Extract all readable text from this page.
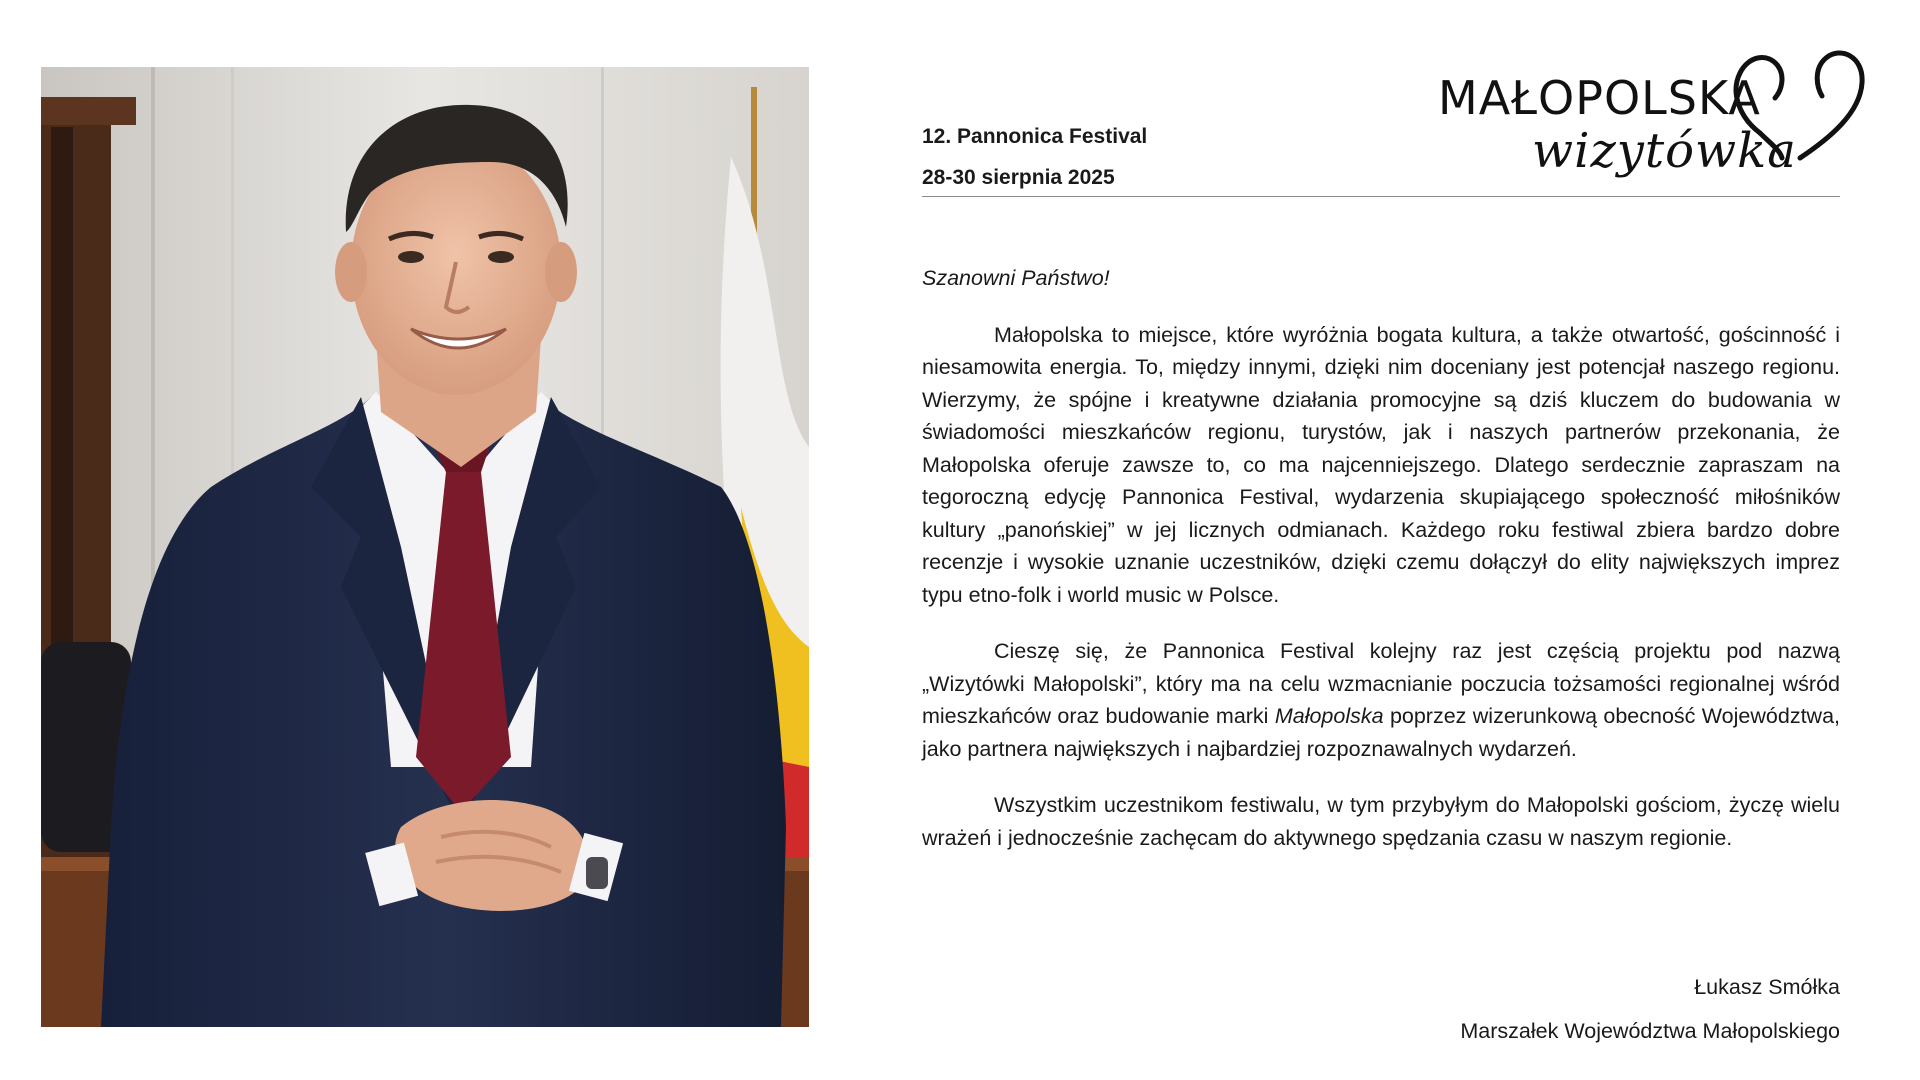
12. Pannonica Festival
28-30 sierpnia 2025
MAŁOPOLSKA
wizytówka

Szanowni Państwo!

Małopolska to miejsce, które wyróżnia bogata kultura, a także otwartość, gościnność i niesamowita energia. To, między innymi, dzięki nim doceniany jest potencjał naszego regionu. Wierzymy, że spójne i kreatywne działania promocyjne są dziś kluczem do budowania w świadomości mieszkańców regionu, turystów, jak i naszych partnerów przekonania, że Małopolska oferuje zawsze to, co ma najcenniejszego. Dlatego serdecznie zapraszam na tegoroczną edycję Pannonica Festival, wydarzenia skupiającego społeczność miłośników kultury „panońskiej” w jej licznych odmianach. Każdego roku festiwal zbiera bardzo dobre recenzje i wysokie uznanie uczestników, dzięki czemu dołączył do elity największych imprez typu etno-folk i world music w Polsce.

Cieszę się, że Pannonica Festival kolejny raz jest częścią projektu pod nazwą „Wizytówki Małopolski”, który ma na celu wzmacnianie poczucia tożsamości regionalnej wśród mieszkańców oraz budowanie marki Małopolska poprzez wizerunkową obecność Województwa, jako partnera największych i najbardziej rozpoznawalnych wydarzeń.

Wszystkim uczestnikom festiwalu, w tym przybyłym do Małopolski gościom, życzę wielu wrażeń i jednocześnie zachęcam do aktywnego spędzania czasu w naszym regionie.

Łukasz Smółka
Marszałek Województwa Małopolskiego
